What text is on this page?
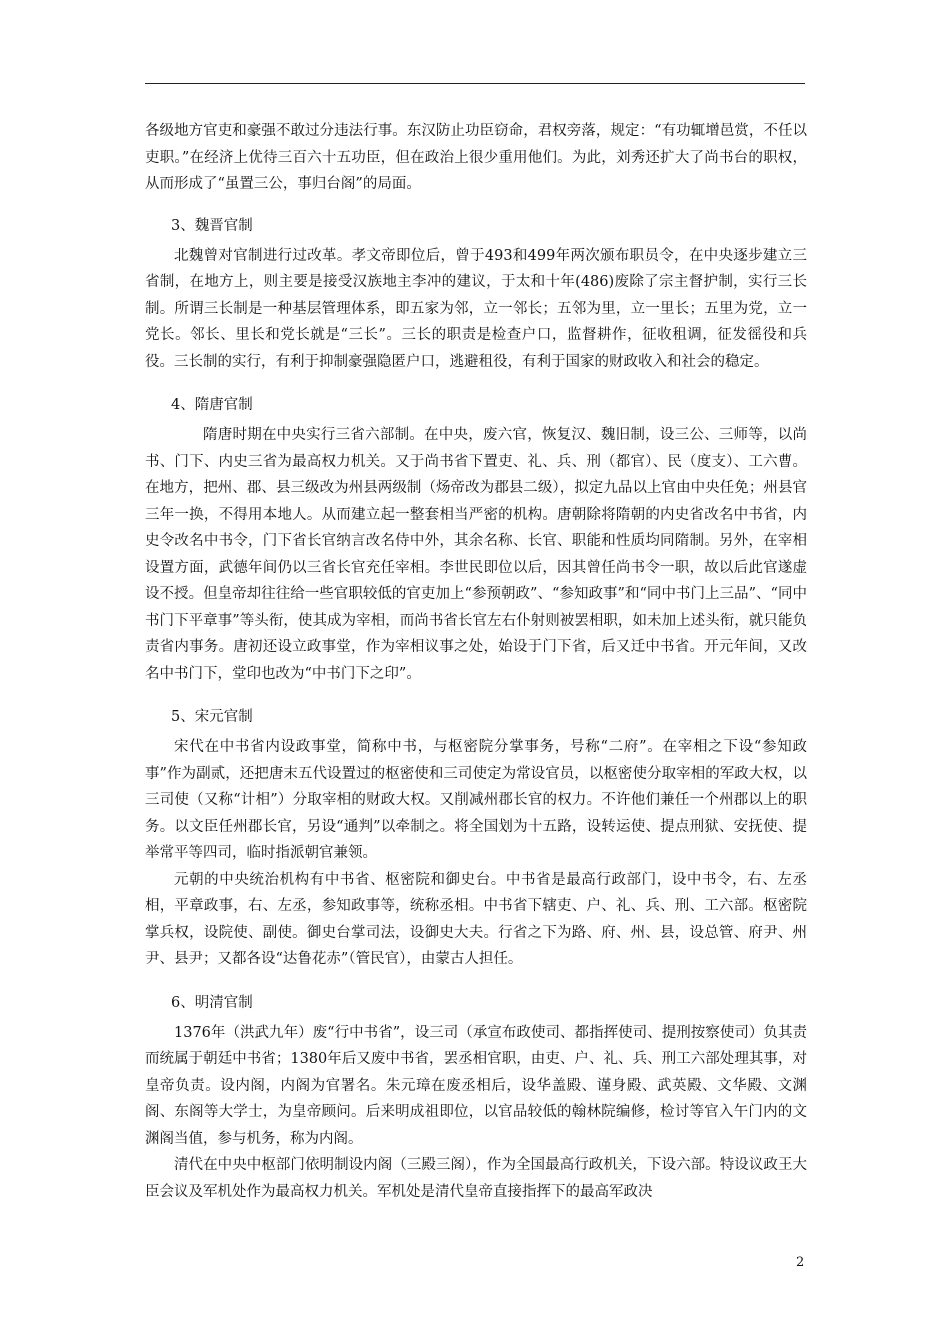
各级地方官吏和豪强不敢过分违法行事。东汉防止功臣窃命，君权旁落，规定：“有功辄增邑赏，不任以吏职。”在经济上优待三百六十五功臣，但在政治上很少重用他们。为此，刘秀还扩大了尚书台的职权，从而形成了“虽置三公，事归台阁”的局面。

3、魏晋官制

北魏曾对官制进行过改革。孝文帝即位后，曾于493和499年两次颁布职员令，在中央逐步建立三省制，在地方上，则主要是接受汉族地主李冲的建议，于太和十年(486)废除了宗主督护制，实行三长制。所谓三长制是一种基层管理体系，即五家为邻，立一邻长；五邻为里，立一里长；五里为党，立一党长。邻长、里长和党长就是“三长”。三长的职责是检查户口，监督耕作，征收租调，征发徭役和兵役。三长制的实行，有利于抑制豪强隐匿户口，逃避租役，有利于国家的财政收入和社会的稳定。

4、隋唐官制

隋唐时期在中央实行三省六部制。在中央，废六官，恢复汉、魏旧制，设三公、三师等，以尚书、门下、内史三省为最高权力机关。又于尚书省下置吏、礼、兵、刑（都官）、民（度支）、工六曹。在地方，把州、郡、县三级改为州县两级制（炀帝改为郡县二级），拟定九品以上官由中央任免；州县官三年一换，不得用本地人。从而建立起一整套相当严密的机构。唐朝除将隋朝的内史省改名中书省，内史令改名中书令，门下省长官纳言改名侍中外，其余名称、长官、职能和性质均同隋制。另外，在宰相设置方面，武德年间仍以三省长官充任宰相。李世民即位以后，因其曾任尚书令一职，故以后此官遂虚设不授。但皇帝却往往给一些官职较低的官吏加上“参预朝政”、“参知政事”和“同中书门上三品”、“同中书门下平章事”等头衔，使其成为宰相，而尚书省长官左右仆射则被罢相职，如未加上述头衔，就只能负责省内事务。唐初还设立政事堂，作为宰相议事之处，始设于门下省，后又迁中书省。开元年间，又改名中书门下，堂印也改为“中书门下之印”。

5、宋元官制

宋代在中书省内设政事堂，简称中书，与枢密院分掌事务，号称“二府”。在宰相之下设“参知政事”作为副贰，还把唐末五代设置过的枢密使和三司使定为常设官员，以枢密使分取宰相的军政大权，以三司使（又称“计相”）分取宰相的财政大权。又削减州郡长官的权力。不许他们兼任一个州郡以上的职务。以文臣任州郡长官，另设“通判”以牵制之。将全国划为十五路，设转运使、提点刑狱、安抚使、提举常平等四司，临时指派朝官兼领。

元朝的中央统治机构有中书省、枢密院和御史台。中书省是最高行政部门，设中书令，右、左丞相，平章政事，右、左丞，参知政事等，统称丞相。中书省下辖吏、户、礼、兵、刑、工六部。枢密院掌兵权，设院使、副使。御史台掌司法，设御史大夫。行省之下为路、府、州、县，设总管、府尹、州尹、县尹；又都各设“达鲁花赤”（管民官），由蒙古人担任。

6、明清官制

1376年（洪武九年）废“行中书省”，设三司（承宣布政使司、都指挥使司、提刑按察使司）负其责而统属于朝廷中书省；1380年后又废中书省，罢丞相官职，由吏、户、礼、兵、刑工六部处理其事，对皇帝负责。设内阁，内阁为官署名。朱元璋在废丞相后，设华盖殿、谨身殿、武英殿、文华殿、文渊阁、东阁等大学士，为皇帝顾问。后来明成祖即位，以官品较低的翰林院编修，检讨等官入午门内的文渊阁当值，参与机务，称为内阁。

清代在中央中枢部门依明制设内阁（三殿三阁），作为全国最高行政机关，下设六部。特设议政王大臣会议及军机处作为最高权力机关。军机处是清代皇帝直接指挥下的最高军政决

2
